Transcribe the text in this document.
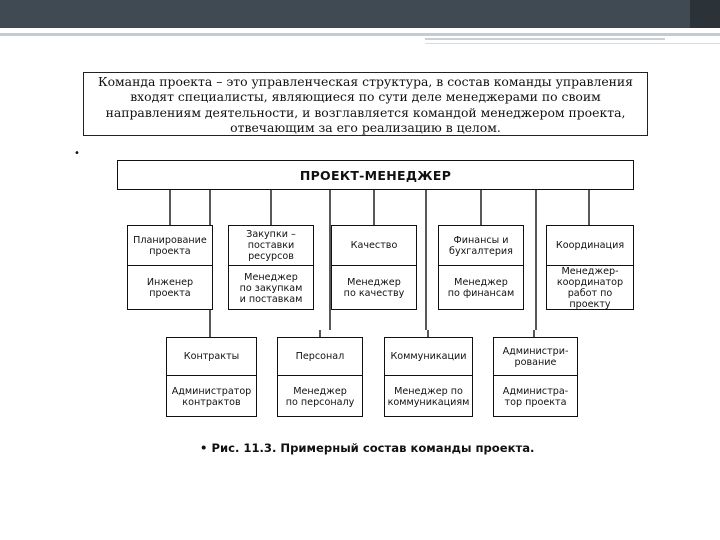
Команда проекта – это управленческая структура, в состав команды управления входят специалисты, являющиеся по сути деле менеджерами по своим направлениям деятельности, и возглавляется командой менеджером проекта, отвечающим за его реализацию в целом.
•
ПРОЕКТ-МЕНЕДЖЕР
Планирование
проекта
Инженер
проекта
Закупки –
поставки
ресурсов
Менеджер
по закупкам
и поставкам
Качество
Менеджер
по качеству
Финансы и
бухгалтерия
Менеджер
по финансам
Координация
Менеджер-
координатор
работ по проекту
Контракты
Администратор
контрактов
Персонал
Менеджер
по персоналу
Коммуникации
Менеджер по
коммуникациям
Администри-
рование
Администра-
тор проекта
• Рис. 11.3. Примерный состав команды проекта.
